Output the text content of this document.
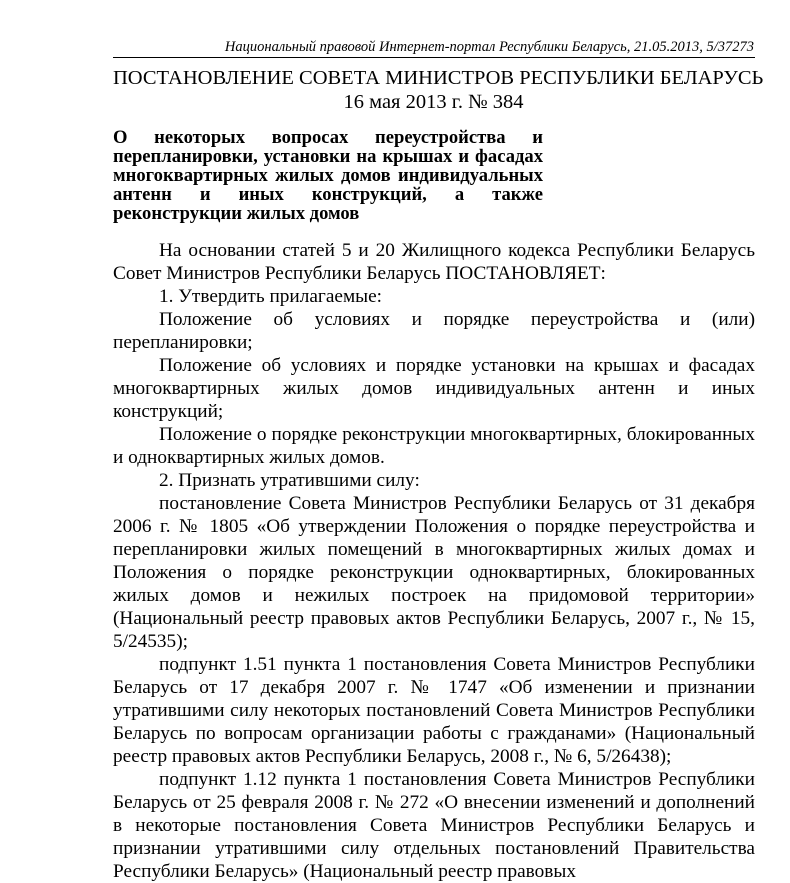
Национальный правовой Интернет-портал Республики Беларусь, 21.05.2013, 5/37273
ПОСТАНОВЛЕНИЕ СОВЕТА МИНИСТРОВ РЕСПУБЛИКИ БЕЛАРУСЬ
16 мая 2013 г. № 384
О некоторых вопросах переустройства и перепланировки, установки на крышах и фасадах многоквартирных жилых домов индивидуальных антенн и иных конструкций, а также реконструкции жилых домов

На основании статей 5 и 20 Жилищного кодекса Республики Беларусь Совет Министров Республики Беларусь ПОСТАНОВЛЯЕТ:

1. Утвердить прилагаемые:

Положение об условиях и порядке переустройства и (или) перепланировки;

Положение об условиях и порядке установки на крышах и фасадах многоквартирных жилых домов индивидуальных антенн и иных конструкций;

Положение о порядке реконструкции многоквартирных, блокированных и одноквартирных жилых домов.

2. Признать утратившими силу:

постановление Совета Министров Республики Беларусь от 31 декабря 2006 г. № 1805 «Об утверждении Положения о порядке переустройства и перепланировки жилых помещений в многоквартирных жилых домах и Положения о порядке реконструкции одноквартирных, блокированных жилых домов и нежилых построек на придомовой территории» (Национальный реестр правовых актов Республики Беларусь, 2007 г., № 15, 5/24535);

подпункт 1.51 пункта 1 постановления Совета Министров Республики Беларусь от 17 декабря 2007 г. № 1747 «Об изменении и признании утратившими силу некоторых постановлений Совета Министров Республики Беларусь по вопросам организации работы с гражданами» (Национальный реестр правовых актов Республики Беларусь, 2008 г., № 6, 5/26438);

подпункт 1.12 пункта 1 постановления Совета Министров Республики Беларусь от 25 февраля 2008 г. № 272 «О внесении изменений и дополнений в некоторые постановления Совета Министров Республики Беларусь и признании утратившими силу отдельных постановлений Правительства Республики Беларусь» (Национальный реестр правовых
